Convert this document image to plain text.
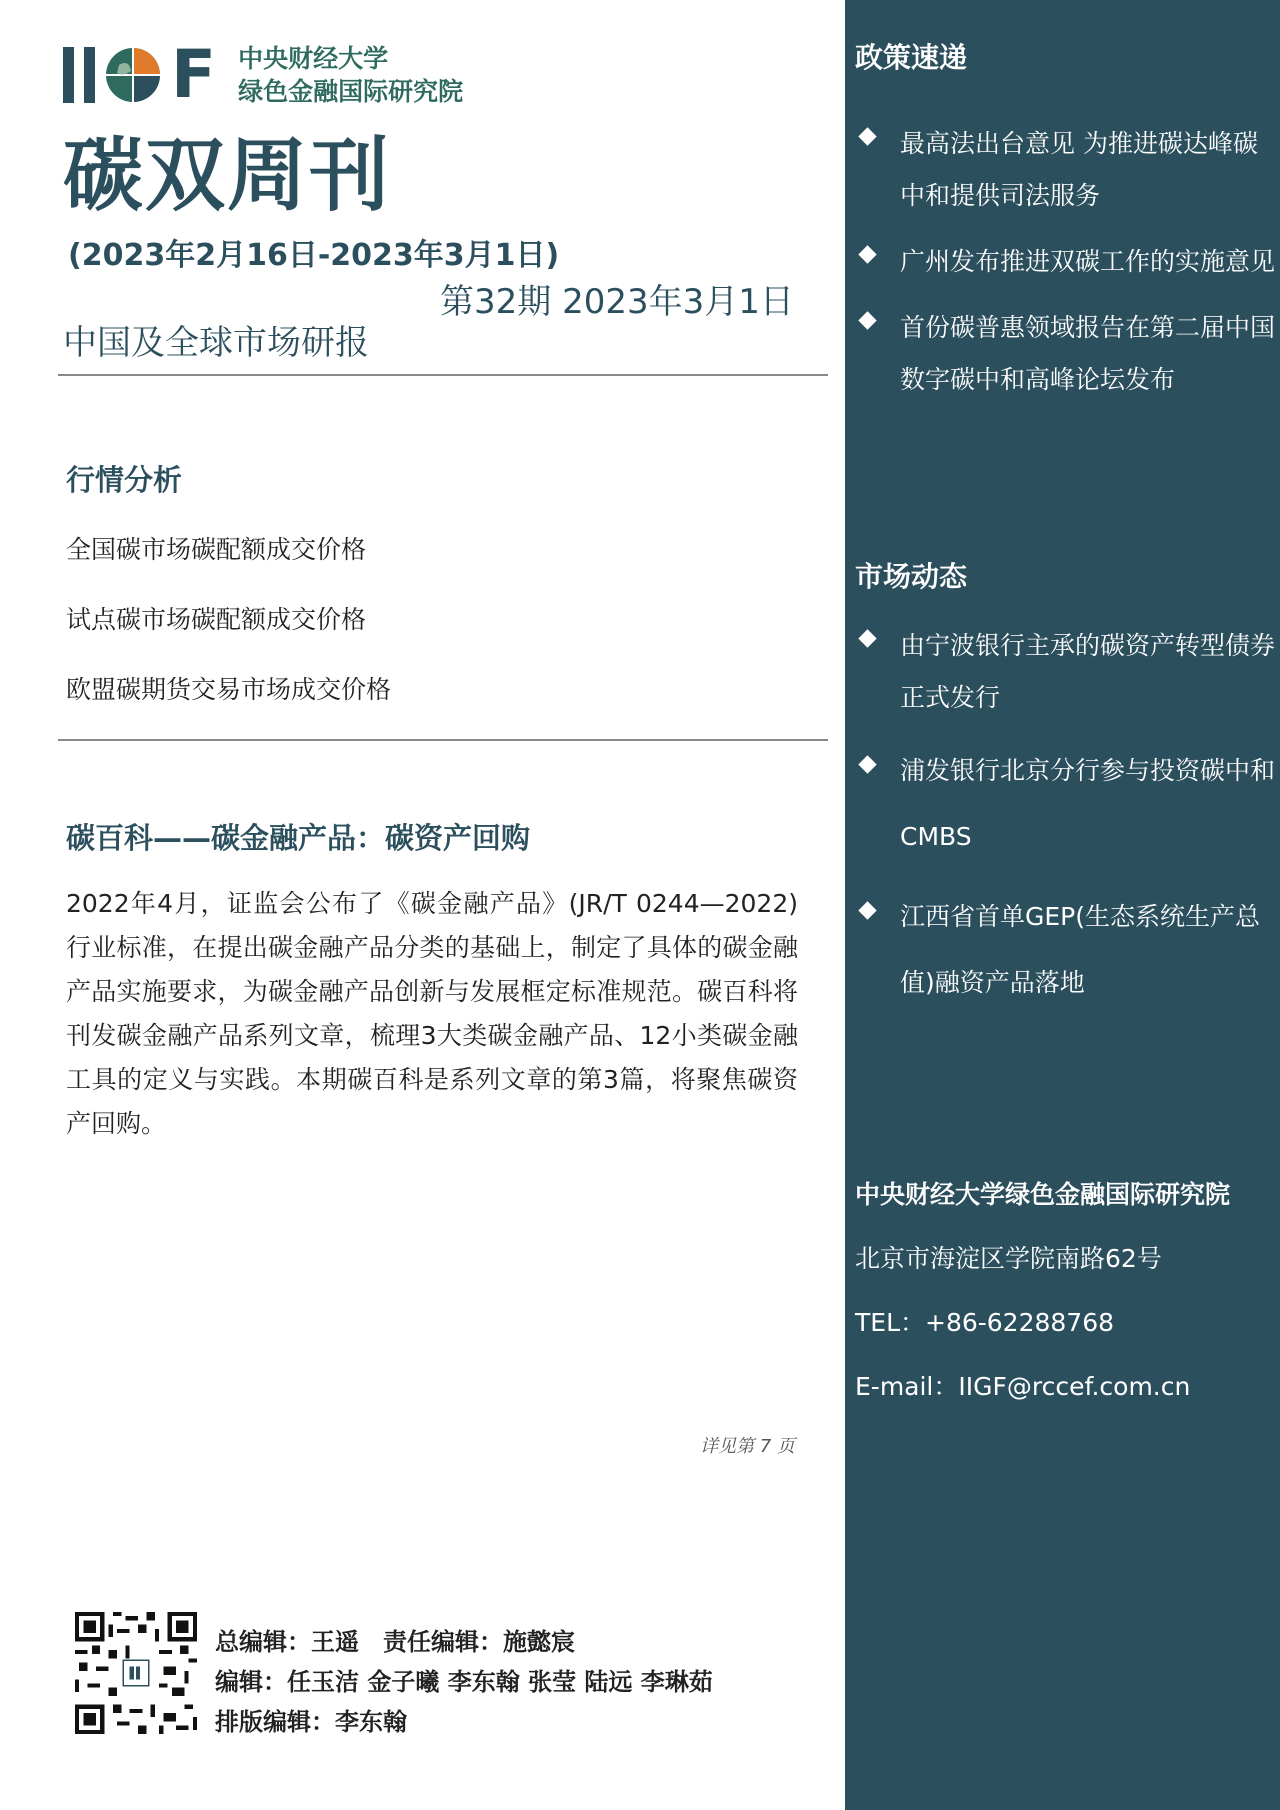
F 中央财经大学
绿色金融国际研究院
碳双周刊
(2023年2月16日-2023年3月1日)
第32期 2023年3月1日
中国及全球市场研报
行情分析
全国碳市场碳配额成交价格
试点碳市场碳配额成交价格
欧盟碳期货交易市场成交价格
碳百科——碳金融产品：碳资产回购

2022年4月，证监会公布了《碳金融产品》(JR/T 0244—2022)行业标准，在提出碳金融产品分类的基础上，制定了具体的碳金融产品实施要求，为碳金融产品创新与发展框定标准规范。碳百科将刊发碳金融产品系列文章，梳理3大类碳金融产品、12小类碳金融工具的定义与实践。本期碳百科是系列文章的第3篇，将聚焦碳资产回购。

详见第 7 页
总编辑：王遥　责任编辑：施懿宸
编辑：任玉洁 金子曦 李东翰 张莹 陆远 李琳茹
排版编辑：李东翰
政策速递
最高法出台意见 为推进碳达峰碳中和提供司法服务
广州发布推进双碳工作的实施意见
首份碳普惠领域报告在第二届中国数字碳中和高峰论坛发布
市场动态
由宁波银行主承的碳资产转型债券正式发行
浦发银行北京分行参与投资碳中和CMBS
江西省首单GEP(生态系统生产总值)融资产品落地
中央财经大学绿色金融国际研究院
北京市海淀区学院南路62号
TEL：+86-62288768
E-mail：IIGF@rccef.com.cn
